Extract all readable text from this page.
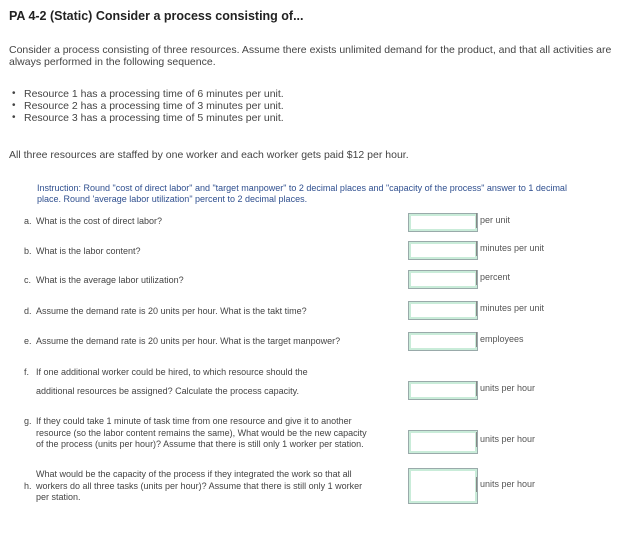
PA 4-2 (Static) Consider a process consisting of...
Consider a process consisting of three resources. Assume there exists unlimited demand for the product, and that all activities are always performed in the following sequence.
• Resource 1 has a processing time of 6 minutes per unit.
• Resource 2 has a processing time of 3 minutes per unit.
• Resource 3 has a processing time of 5 minutes per unit.
All three resources are staffed by one worker and each worker gets paid $12 per hour.
Instruction: Round "cost of direct labor" and "target manpower" to 2 decimal places and "capacity of the process" answer to 1 decimal place. Round 'average labor utilization" percent to 2 decimal places.
a. What is the cost of direct labor?	per unit
b. What is the labor content?	minutes per unit
c. What is the average labor utilization?	percent
d. Assume the demand rate is 20 units per hour. What is the takt time?	minutes per unit
e. Assume the demand rate is 20 units per hour. What is the target manpower?	employees
f. If one additional worker could be hired, to which resource should the
additional resources be assigned? Calculate the process capacity.	units per hour
g. If they could take 1 minute of task time from one resource and give it to another
resource (so the labor content remains the same), What would be the new capacity
of the process (units per hour)? Assume that there is still only 1 worker per station.	units per hour
h.
What would be the capacity of the process if they integrated the work so that all
workers do all three tasks (units per hour)? Assume that there is still only 1 worker
per station.
units per hour
